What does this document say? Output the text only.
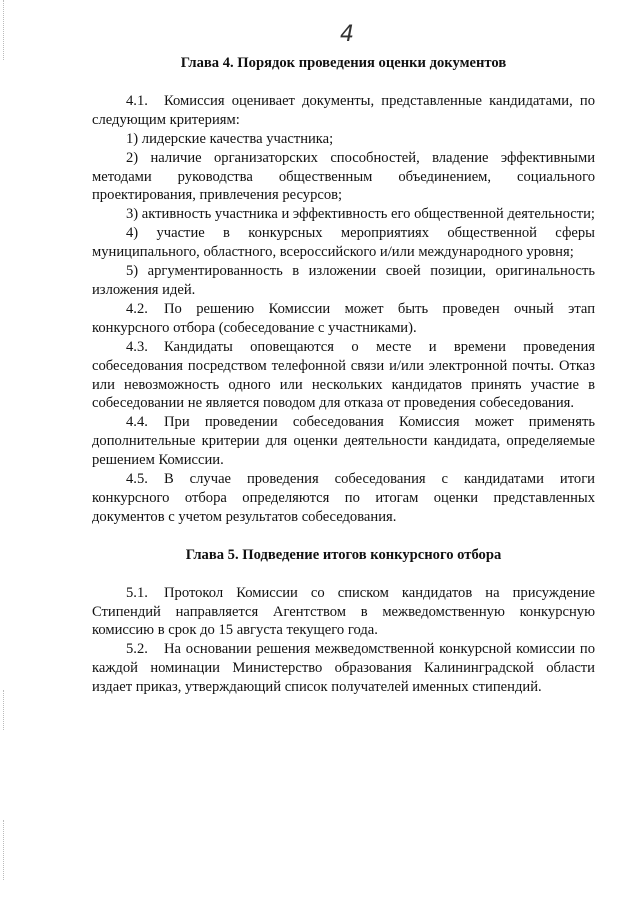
4
Глава 4. Порядок проведения оценки документов

4.1. Комиссия оценивает документы, представленные кандидатами, по следующим критериям:

1) лидерские качества участника;

2) наличие организаторских способностей, владение эффективными методами руководства общественным объединением, социального проектирования, привлечения ресурсов;

3) активность участника и эффективность его общественной деятельности;

4) участие в конкурсных мероприятиях общественной сферы муниципального, областного, всероссийского и/или международного уровня;

5) аргументированность в изложении своей позиции, оригинальность изложения идей.

4.2. По решению Комиссии может быть проведен очный этап конкурсного отбора (собеседование с участниками).

4.3. Кандидаты оповещаются о месте и времени проведения собеседования посредством телефонной связи и/или электронной почты. Отказ или невозможность одного или нескольких кандидатов принять участие в собеседовании не является поводом для отказа от проведения собеседования.

4.4. При проведении собеседования Комиссия может применять дополнительные критерии для оценки деятельности кандидата, определяемые решением Комиссии.

4.5. В случае проведения собеседования с кандидатами итоги конкурсного отбора определяются по итогам оценки представленных документов с учетом результатов собеседования.

Глава 5. Подведение итогов конкурсного отбора

5.1. Протокол Комиссии со списком кандидатов на присуждение Стипендий направляется Агентством в межведомственную конкурсную комиссию в срок до 15 августа текущего года.

5.2. На основании решения межведомственной конкурсной комиссии по каждой номинации Министерство образования Калининградской области издает приказ, утверждающий список получателей именных стипендий.
